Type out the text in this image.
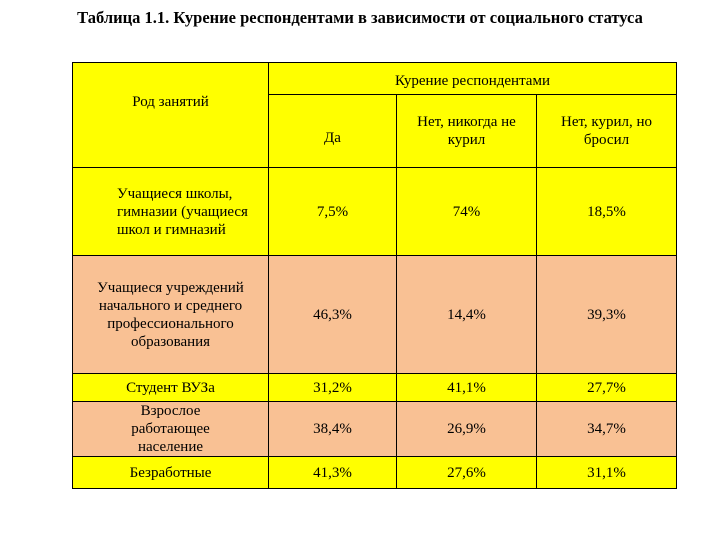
Таблица 1.1. Курение респондентами в зависимости от социального статуса
Род занятий	Курение респондентами		
	Да	Нет, никогда не курил	Нет, курил, но бросил
Учащиеся школы, гимназии (учащиеся школ и гимназий	7,5%	74%	18,5%
Учащиеся учреждений начального и среднего профессионального образования	46,3%	14,4%	39,3%
Студент ВУЗа	31,2%	41,1%	27,7%
Взрослое работающее население	38,4%	26,9%	34,7%
Безработные	41,3%	27,6%	31,1%
